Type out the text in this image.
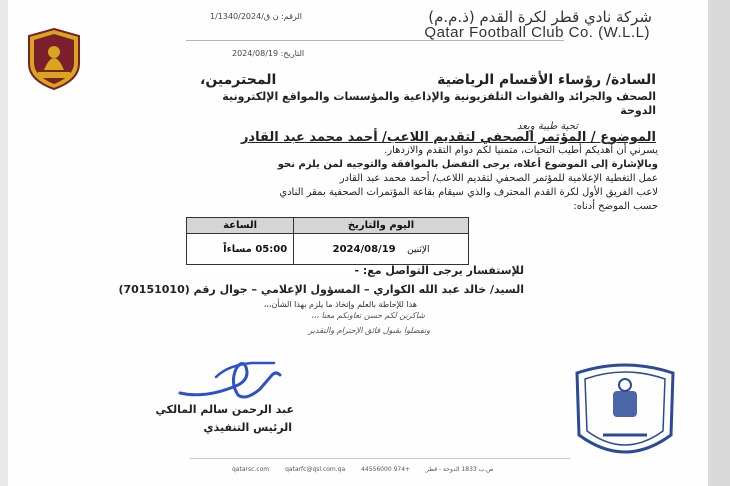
شركة نادي قطر لكرة القدم (ذ.م.م)
Qatar Football Club Co. (W.L.L)
الرقم: ن ق/1/1340/2024
التاريخ: 2024/08/19
السادة/ رؤساء الأقسام الرياضية
المحترمين،
الصحف والجرائد والقنوات التلفزيونية والإذاعية والمؤسسات والمواقع الإلكترونية
الدوحة
تحية طيبة وبعد
الموضوع / المؤتمر الصحفي لتقديم اللاعب/ أحمد محمد عبد القادر
يسرني أن أهديكم أطيب التحيات، متمنيا لكم دوام التقدم والازدهار.
وبالإشارة إلى الموضوع أعلاه، يرجى التفضل بالموافقة والتوجيه لمن يلزم نحو
عمل التغطية الإعلامية للمؤتمر الصحفي لتقديم اللاعب/ أحمد محمد عبد القادر
لاعب الفريق الأول لكرة القدم المحترف والذي سيقام بقاعة المؤتمرات الصحفية بمقر النادي
حسب الموضح أدناه:
اليوم والتاريخ	الساعة
الإثنين 2024/08/19	05:00 مساءاً
للإستفسار يرجى التواصل مع: -
السيد/ خالد عبد الله الكواري – المسؤول الإعلامي – جوال رقم (70151010)
هذا للإحاطة بالعلم وإتخاذ ما يلزم بهذا الشأن،،،
شاكرين لكم حسن تعاونكم معنا ،،،
وتفضلوا بقبول فائق الإحترام والتقدير
عبد الرحمن سالم المالكي
الرئيس التنفيذي
qatarsc.com	qatarfc@qsl.com.qa	ص.ب 1833 الدوحة - قطر +974 44556000
